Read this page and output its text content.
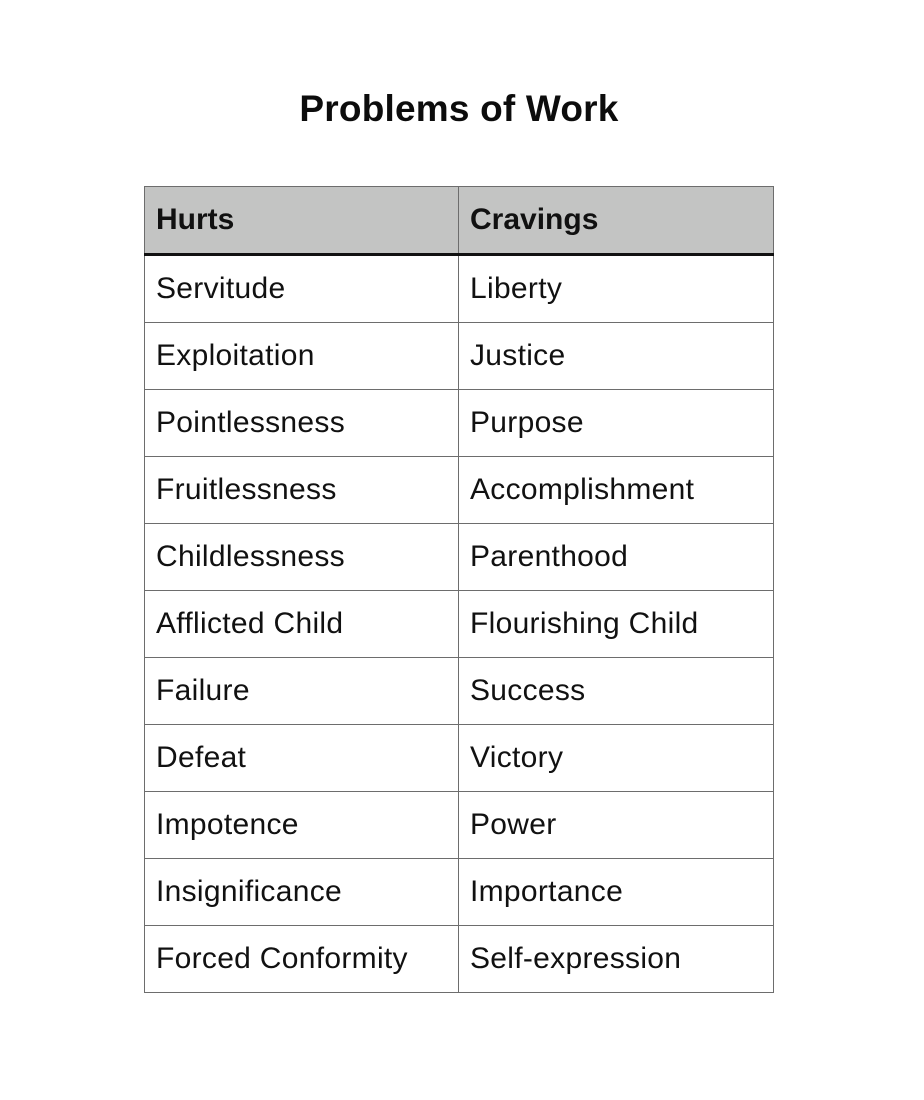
Problems of Work
Hurts	Cravings
Servitude	Liberty
Exploitation	Justice
Pointlessness	Purpose
Fruitlessness	Accomplishment
Childlessness	Parenthood
Afflicted Child	Flourishing Child
Failure	Success
Defeat	Victory
Impotence	Power
Insignificance	Importance
Forced Conformity	Self-expression
